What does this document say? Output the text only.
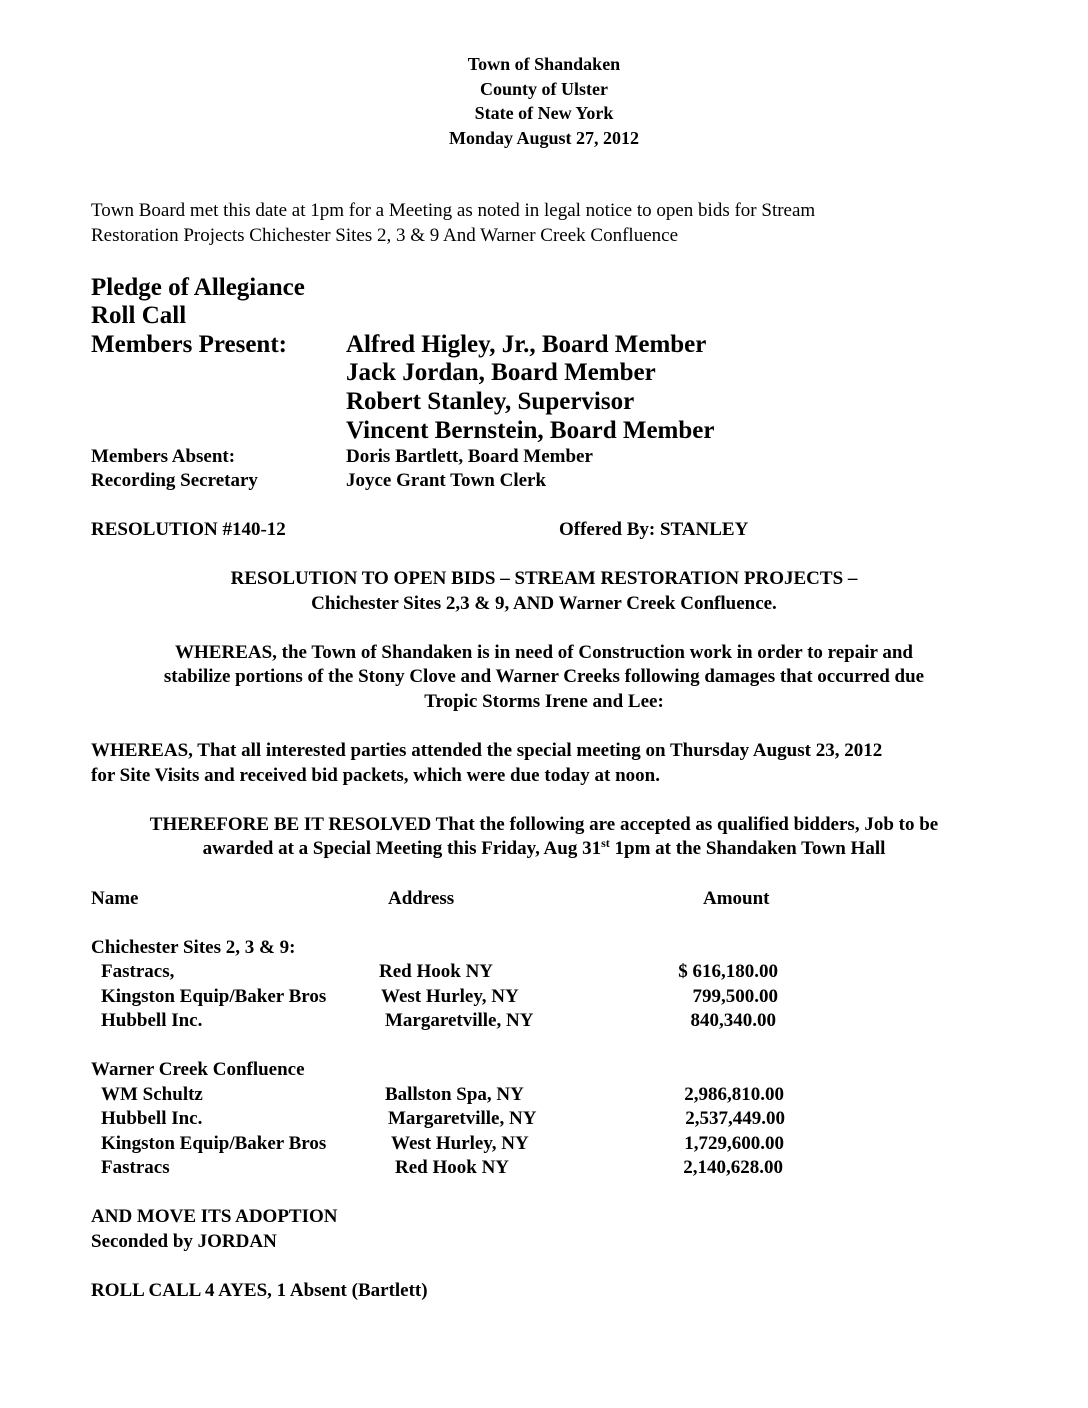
Town of Shandaken
County of Ulster
State of New York
Monday August 27, 2012
Town Board met this date at 1pm for a Meeting as noted in legal notice to open bids for Stream
Restoration Projects Chichester Sites 2, 3 & 9 And Warner Creek Confluence
Pledge of Allegiance
Roll Call
Members Present: Alfred Higley, Jr., Board Member
Jack Jordan, Board Member
Robert Stanley, Supervisor
Vincent Bernstein, Board Member
Members Absent:	Doris Bartlett, Board Member
Recording Secretary	Joyce Grant Town Clerk
RESOLUTION #140-12	Offered By: STANLEY
RESOLUTION TO OPEN BIDS – STREAM RESTORATION PROJECTS –
Chichester Sites 2,3 & 9, AND Warner Creek Confluence.
WHEREAS, the Town of Shandaken is in need of Construction work in order to repair and
stabilize portions of the Stony Clove and Warner Creeks following damages that occurred due
Tropic Storms Irene and Lee:
WHEREAS, That all interested parties attended the special meeting on Thursday August 23, 2012
for Site Visits and received bid packets, which were due today at noon.
THEREFORE BE IT RESOLVED That the following are accepted as qualified bidders, Job to be
awarded at a Special Meeting this Friday, Aug 31st 1pm at the Shandaken Town Hall
Name	Address	Amount
Chichester Sites 2, 3 & 9:
Fastracs,	Red Hook NY	$ 616,180.00
Kingston Equip/Baker Bros	West Hurley, NY	799,500.00
Hubbell Inc.	Margaretville, NY	840,340.00
Warner Creek Confluence
WM Schultz	Ballston Spa, NY	2,986,810.00
Hubbell Inc.	Margaretville, NY	2,537,449.00
Kingston Equip/Baker Bros	West Hurley, NY	1,729,600.00
Fastracs	Red Hook NY	2,140,628.00
AND MOVE ITS ADOPTION
Seconded by JORDAN
ROLL CALL 4 AYES, 1 Absent (Bartlett)
